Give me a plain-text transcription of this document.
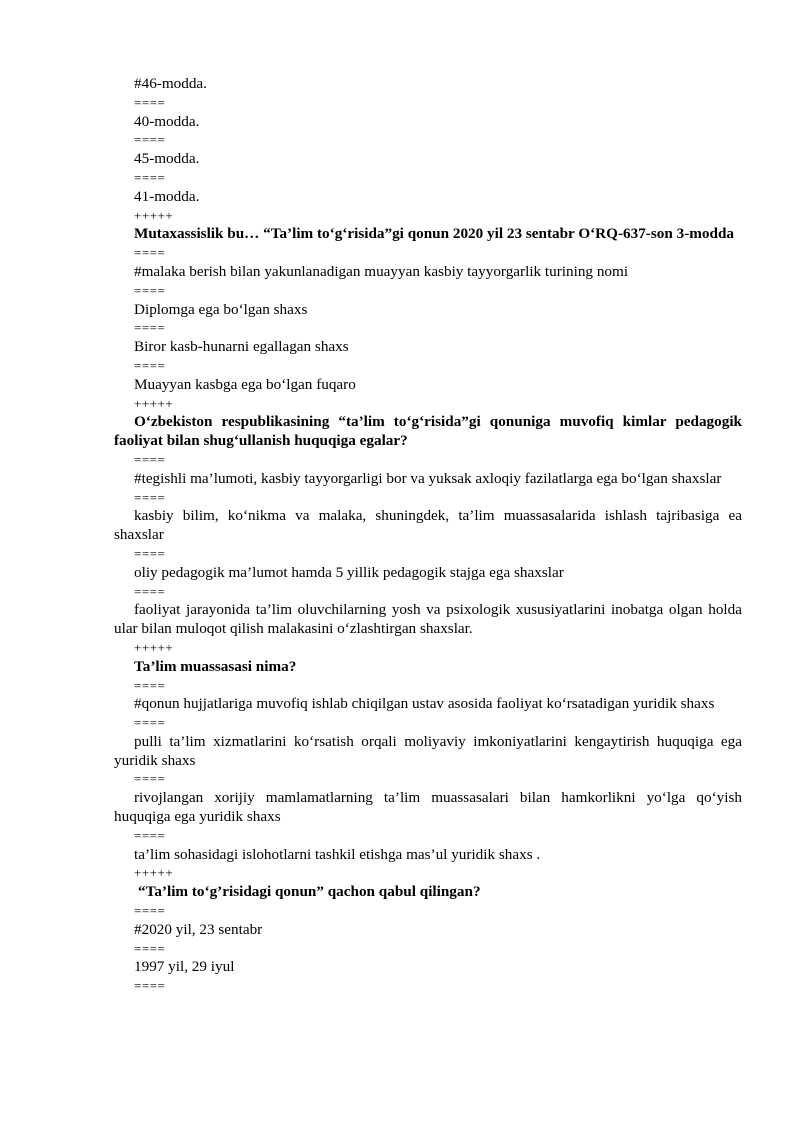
#46-modda.

====

40-modda.

====

45-modda.

====

41-modda.

+++++

Mutaxassislik bu… “Ta’lim to‘g‘risida”gi qonun 2020 yil 23 sentabr O‘RQ-637-son 3-modda

====

#malaka berish bilan yakunlanadigan muayyan kasbiy tayyorgarlik turining nomi

====

Diplomga ega bo‘lgan shaxs

====

Biror kasb-hunarni egallagan shaxs

====

Muayyan kasbga ega bo‘lgan fuqaro

+++++

O‘zbekiston respublikasining “ta’lim to‘g‘risida”gi qonuniga muvofiq kimlar pedagogik faoliyat bilan shug‘ullanish huquqiga egalar?

====

#tegishli ma’lumoti, kasbiy tayyorgarligi bor va yuksak axloqiy fazilatlarga ega bo‘lgan shaxslar

====

kasbiy bilim, ko‘nikma va malaka, shuningdek, ta’lim muassasalarida ishlash tajribasiga ea shaxslar

====

oliy pedagogik ma’lumot hamda 5 yillik pedagogik stajga ega shaxslar

====

faoliyat jarayonida ta’lim oluvchilarning yosh va psixologik xususiyatlarini inobatga olgan holda ular bilan muloqot qilish malakasini o‘zlashtirgan shaxslar.

+++++

Ta’lim muassasasi nima?

====

#qonun hujjatlariga muvofiq ishlab chiqilgan ustav asosida faoliyat ko‘rsatadigan yuridik shaxs

====

pulli ta’lim xizmatlarini ko‘rsatish orqali moliyaviy imkoniyatlarini kengaytirish huquqiga ega yuridik shaxs

====

rivojlangan xorijiy mamlamatlarning ta’lim muassasalari bilan hamkorlikni yo‘lga qo‘yish huquqiga ega yuridik shaxs

====

ta’lim sohasidagi islohotlarni tashkil etishga mas’ul yuridik shaxs .

+++++

“Ta’lim to‘g’risidagi qonun” qachon qabul qilingan?

====

#2020 yil, 23 sentabr

====

1997 yil, 29 iyul

====
